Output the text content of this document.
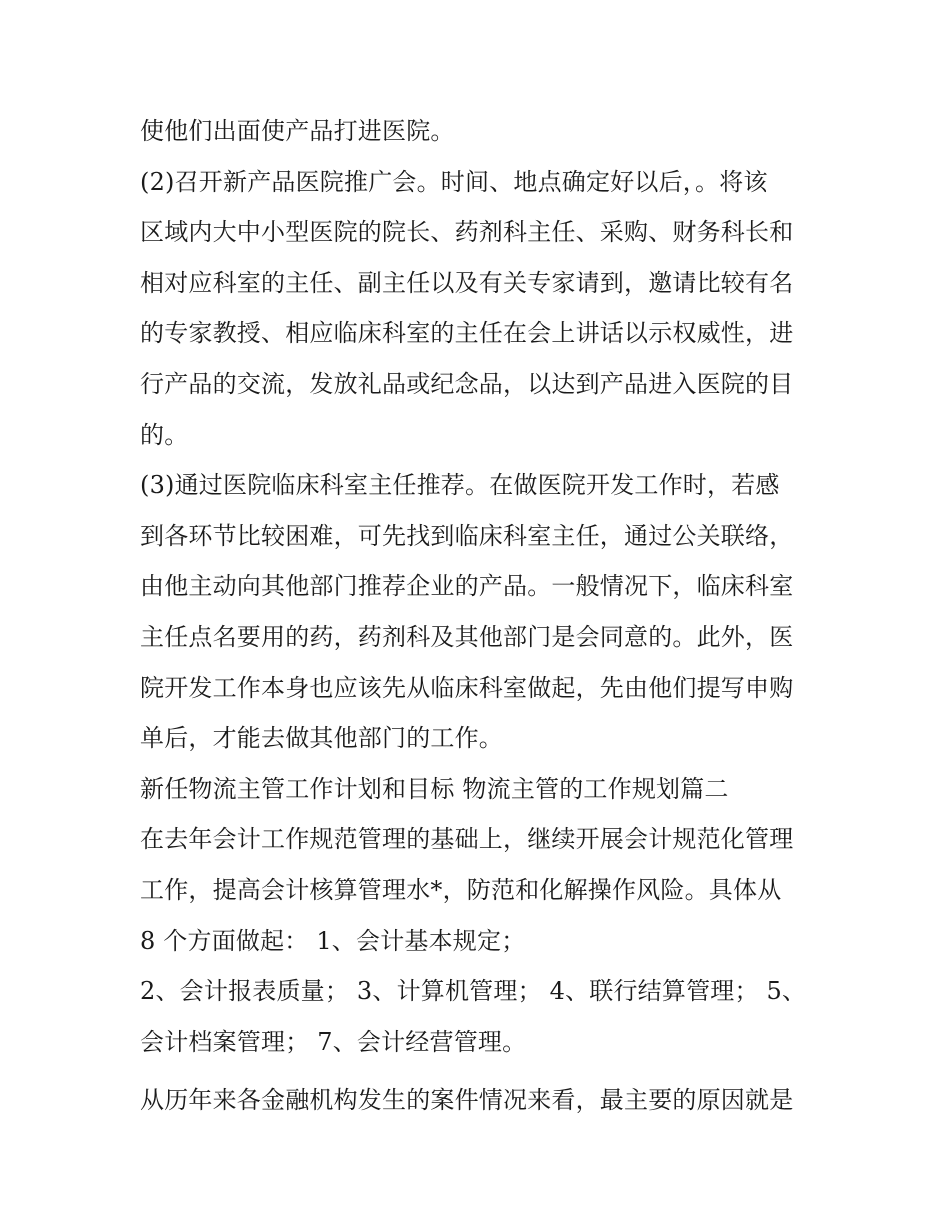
使他们出面使产品打进医院。
(2)召开新产品医院推广会。时间、地点确定好以后，。将该
区域内大中小型医院的院长、药剂科主任、采购、财务科长和
相对应科室的主任、副主任以及有关专家请到，邀请比较有名
的专家教授、相应临床科室的主任在会上讲话以示权威性，进
行产品的交流，发放礼品或纪念品，以达到产品进入医院的目
的。
(3)通过医院临床科室主任推荐。在做医院开发工作时，若感
到各环节比较困难，可先找到临床科室主任，通过公关联络，
由他主动向其他部门推荐企业的产品。一般情况下，临床科室
主任点名要用的药，药剂科及其他部门是会同意的。此外，医
院开发工作本身也应该先从临床科室做起，先由他们提写申购
单后，才能去做其他部门的工作。
新任物流主管工作计划和目标 物流主管的工作规划篇二
在去年会计工作规范管理的基础上，继续开展会计规范化管理
工作，提高会计核算管理水*，防范和化解操作风险。具体从
8 个方面做起： 1、会计基本规定；
2、会计报表质量； 3、计算机管理； 4、联行结算管理； 5、
会计档案管理； 7、会计经营管理。
从历年来各金融机构发生的案件情况来看，最主要的原因就是
